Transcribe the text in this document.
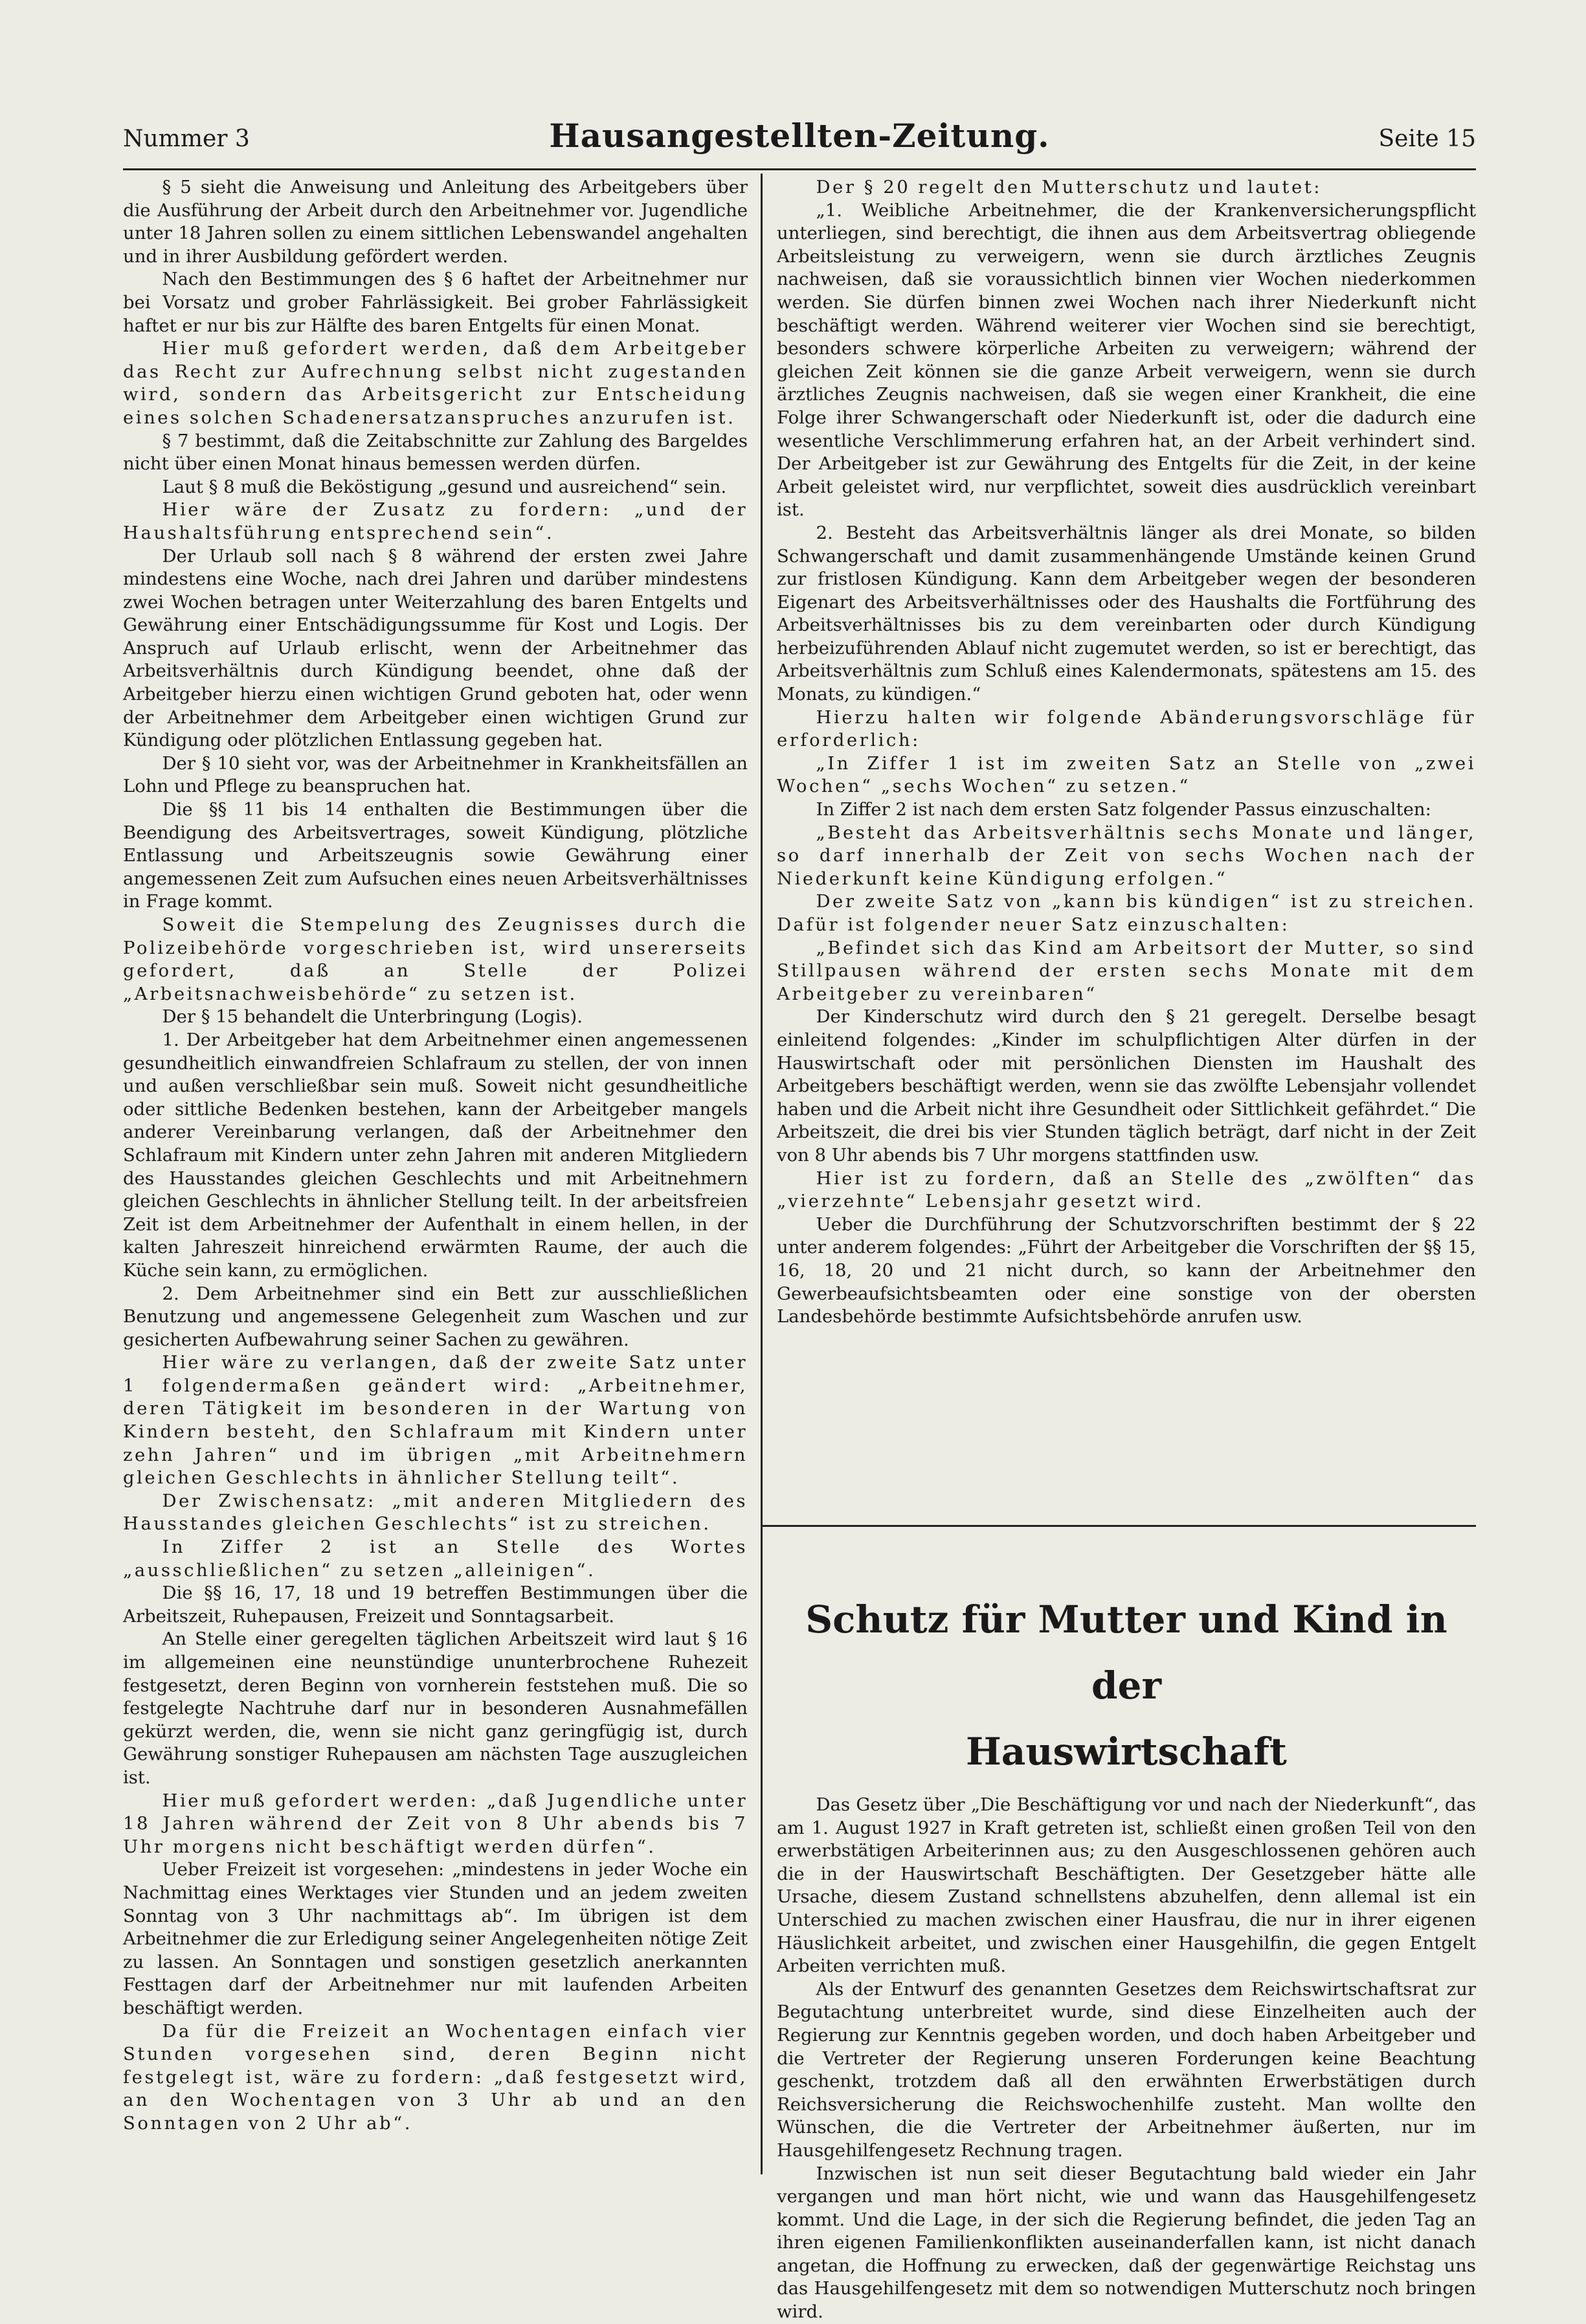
Nummer 3	Hausangestellten-Zeitung.	Seite 15

§ 5 sieht die Anweisung und Anleitung des Arbeitgebers über die Ausführung der Arbeit durch den Arbeitnehmer vor. Jugendliche unter 18 Jahren sollen zu einem sittlichen Lebenswandel angehalten und in ihrer Ausbildung gefördert werden.

Nach den Bestimmungen des § 6 haftet der Arbeitnehmer nur bei Vorsatz und grober Fahrlässigkeit. Bei grober Fahrlässigkeit haftet er nur bis zur Hälfte des baren Entgelts für einen Monat.

Hier muß gefordert werden, daß dem Arbeitgeber das Recht zur Aufrechnung selbst nicht zugestanden wird, sondern das Arbeitsgericht zur Entscheidung eines solchen Schadenersatzanspruches anzurufen ist.

§ 7 bestimmt, daß die Zeitabschnitte zur Zahlung des Bargeldes nicht über einen Monat hinaus bemessen werden dürfen.

Laut § 8 muß die Beköstigung „gesund und ausreichend“ sein.

Hier wäre der Zusatz zu fordern: „und der Haushaltsführung entsprechend sein“.

Der Urlaub soll nach § 8 während der ersten zwei Jahre mindestens eine Woche, nach drei Jahren und darüber mindestens zwei Wochen betragen unter Weiterzahlung des baren Entgelts und Gewährung einer Entschädigungssumme für Kost und Logis. Der Anspruch auf Urlaub erlischt, wenn der Arbeitnehmer das Arbeitsverhältnis durch Kündigung beendet, ohne daß der Arbeitgeber hierzu einen wichtigen Grund geboten hat, oder wenn der Arbeitnehmer dem Arbeitgeber einen wichtigen Grund zur Kündigung oder plötzlichen Entlassung gegeben hat.

Der § 10 sieht vor, was der Arbeitnehmer in Krankheitsfällen an Lohn und Pflege zu beanspruchen hat.

Die §§ 11 bis 14 enthalten die Bestimmungen über die Beendigung des Arbeitsvertrages, soweit Kündigung, plötzliche Entlassung und Arbeitszeugnis sowie Gewährung einer angemessenen Zeit zum Aufsuchen eines neuen Arbeitsverhältnisses in Frage kommt.

Soweit die Stempelung des Zeugnisses durch die Polizeibehörde vorgeschrieben ist, wird unsererseits gefordert, daß an Stelle der Polizei „Arbeitsnachweisbehörde“ zu setzen ist.

Der § 15 behandelt die Unterbringung (Logis).

1. Der Arbeitgeber hat dem Arbeitnehmer einen angemessenen gesundheitlich einwandfreien Schlafraum zu stellen, der von innen und außen verschließbar sein muß. Soweit nicht gesundheitliche oder sittliche Bedenken bestehen, kann der Arbeitgeber mangels anderer Vereinbarung verlangen, daß der Arbeitnehmer den Schlafraum mit Kindern unter zehn Jahren mit anderen Mitgliedern des Hausstandes gleichen Geschlechts und mit Arbeitnehmern gleichen Geschlechts in ähnlicher Stellung teilt. In der arbeitsfreien Zeit ist dem Arbeitnehmer der Aufenthalt in einem hellen, in der kalten Jahreszeit hinreichend erwärmten Raume, der auch die Küche sein kann, zu ermöglichen.

2. Dem Arbeitnehmer sind ein Bett zur ausschließlichen Benutzung und angemessene Gelegenheit zum Waschen und zur gesicherten Aufbewahrung seiner Sachen zu gewähren.

Hier wäre zu verlangen, daß der zweite Satz unter 1 folgendermaßen geändert wird: „Arbeitnehmer, deren Tätigkeit im besonderen in der Wartung von Kindern besteht, den Schlafraum mit Kindern unter zehn Jahren“ und im übrigen „mit Arbeitnehmern gleichen Geschlechts in ähnlicher Stellung teilt“.

Der Zwischensatz: „mit anderen Mitgliedern des Hausstandes gleichen Geschlechts“ ist zu streichen.

In Ziffer 2 ist an Stelle des Wortes „ausschließlichen“ zu setzen „alleinigen“.

Die §§ 16, 17, 18 und 19 betreffen Bestimmungen über die Arbeitszeit, Ruhepausen, Freizeit und Sonntagsarbeit.

An Stelle einer geregelten täglichen Arbeitszeit wird laut § 16 im allgemeinen eine neunstündige ununterbrochene Ruhezeit festgesetzt, deren Beginn von vornherein feststehen muß. Die so festgelegte Nachtruhe darf nur in besonderen Ausnahmefällen gekürzt werden, die, wenn sie nicht ganz geringfügig ist, durch Gewährung sonstiger Ruhepausen am nächsten Tage auszugleichen ist.

Hier muß gefordert werden: „daß Jugendliche unter 18 Jahren während der Zeit von 8 Uhr abends bis 7 Uhr morgens nicht beschäftigt werden dürfen“.

Ueber Freizeit ist vorgesehen: „mindestens in jeder Woche ein Nachmittag eines Werktages vier Stunden und an jedem zweiten Sonntag von 3 Uhr nachmittags ab“. Im übrigen ist dem Arbeitnehmer die zur Erledigung seiner Angelegenheiten nötige Zeit zu lassen. An Sonntagen und sonstigen gesetzlich anerkannten Festtagen darf der Arbeitnehmer nur mit laufenden Arbeiten beschäftigt werden.

Da für die Freizeit an Wochentagen einfach vier Stunden vorgesehen sind, deren Beginn nicht festgelegt ist, wäre zu fordern: „daß festgesetzt wird, an den Wochentagen von 3 Uhr ab und an den Sonntagen von 2 Uhr ab“.

Der § 20 regelt den Mutterschutz und lautet:

„1. Weibliche Arbeitnehmer, die der Krankenversicherungspflicht unterliegen, sind berechtigt, die ihnen aus dem Arbeitsvertrag obliegende Arbeitsleistung zu verweigern, wenn sie durch ärztliches Zeugnis nachweisen, daß sie voraussichtlich binnen vier Wochen niederkommen werden. Sie dürfen binnen zwei Wochen nach ihrer Niederkunft nicht beschäftigt werden. Während weiterer vier Wochen sind sie berechtigt, besonders schwere körperliche Arbeiten zu verweigern; während der gleichen Zeit können sie die ganze Arbeit verweigern, wenn sie durch ärztliches Zeugnis nachweisen, daß sie wegen einer Krankheit, die eine Folge ihrer Schwangerschaft oder Niederkunft ist, oder die dadurch eine wesentliche Verschlimmerung erfahren hat, an der Arbeit verhindert sind. Der Arbeitgeber ist zur Gewährung des Entgelts für die Zeit, in der keine Arbeit geleistet wird, nur verpflichtet, soweit dies ausdrücklich vereinbart ist.

2. Besteht das Arbeitsverhältnis länger als drei Monate, so bilden Schwangerschaft und damit zusammenhängende Umstände keinen Grund zur fristlosen Kündigung. Kann dem Arbeitgeber wegen der besonderen Eigenart des Arbeitsverhältnisses oder des Haushalts die Fortführung des Arbeitsverhältnisses bis zu dem vereinbarten oder durch Kündigung herbeizuführenden Ablauf nicht zugemutet werden, so ist er berechtigt, das Arbeitsverhältnis zum Schluß eines Kalendermonats, spätestens am 15. des Monats, zu kündigen.“

Hierzu halten wir folgende Abänderungsvorschläge für erforderlich:

„In Ziffer 1 ist im zweiten Satz an Stelle von „zwei Wochen“ „sechs Wochen“ zu setzen.“

In Ziffer 2 ist nach dem ersten Satz folgender Passus einzuschalten:

„Besteht das Arbeitsverhältnis sechs Monate und länger, so darf innerhalb der Zeit von sechs Wochen nach der Niederkunft keine Kündigung erfolgen.“

Der zweite Satz von „kann bis kündigen“ ist zu streichen. Dafür ist folgender neuer Satz einzuschalten:

„Befindet sich das Kind am Arbeitsort der Mutter, so sind Stillpausen während der ersten sechs Monate mit dem Arbeitgeber zu vereinbaren“

Der Kinderschutz wird durch den § 21 geregelt. Derselbe besagt einleitend folgendes: „Kinder im schulpflichtigen Alter dürfen in der Hauswirtschaft oder mit persönlichen Diensten im Haushalt des Arbeitgebers beschäftigt werden, wenn sie das zwölfte Lebensjahr vollendet haben und die Arbeit nicht ihre Gesundheit oder Sittlichkeit gefährdet.“ Die Arbeitszeit, die drei bis vier Stunden täglich beträgt, darf nicht in der Zeit von 8 Uhr abends bis 7 Uhr morgens stattfinden usw.

Hier ist zu fordern, daß an Stelle des „zwölften“ das „vierzehnte“ Lebensjahr gesetzt wird.

Ueber die Durchführung der Schutzvorschriften bestimmt der § 22 unter anderem folgendes: „Führt der Arbeitgeber die Vorschriften der §§ 15, 16, 18, 20 und 21 nicht durch, so kann der Arbeitnehmer den Gewerbeaufsichtsbeamten oder eine sonstige von der obersten Landesbehörde bestimmte Aufsichtsbehörde anrufen usw.

Schutz für Mutter und Kind in der
Hauswirtschaft

Das Gesetz über „Die Beschäftigung vor und nach der Niederkunft“, das am 1. August 1927 in Kraft getreten ist, schließt einen großen Teil von den erwerbstätigen Arbeiterinnen aus; zu den Ausgeschlossenen gehören auch die in der Hauswirtschaft Beschäftigten. Der Gesetzgeber hätte alle Ursache, diesem Zustand schnellstens abzuhelfen, denn allemal ist ein Unterschied zu machen zwischen einer Hausfrau, die nur in ihrer eigenen Häuslichkeit arbeitet, und zwischen einer Hausgehilfin, die gegen Entgelt Arbeiten verrichten muß.

Als der Entwurf des genannten Gesetzes dem Reichswirtschaftsrat zur Begutachtung unterbreitet wurde, sind diese Einzelheiten auch der Regierung zur Kenntnis gegeben worden, und doch haben Arbeitgeber und die Vertreter der Regierung unseren Forderungen keine Beachtung geschenkt, trotzdem daß all den erwähnten Erwerbstätigen durch Reichsversicherung die Reichswochenhilfe zusteht. Man wollte den Wünschen, die die Vertreter der Arbeitnehmer äußerten, nur im Hausgehilfengesetz Rechnung tragen.

Inzwischen ist nun seit dieser Begutachtung bald wieder ein Jahr vergangen und man hört nicht, wie und wann das Hausgehilfengesetz kommt. Und die Lage, in der sich die Regierung befindet, die jeden Tag an ihren eigenen Familienkonflikten auseinanderfallen kann, ist nicht danach angetan, die Hoffnung zu erwecken, daß der gegenwärtige Reichstag uns das Hausgehilfengesetz mit dem so notwendigen Mutterschutz noch bringen wird.
